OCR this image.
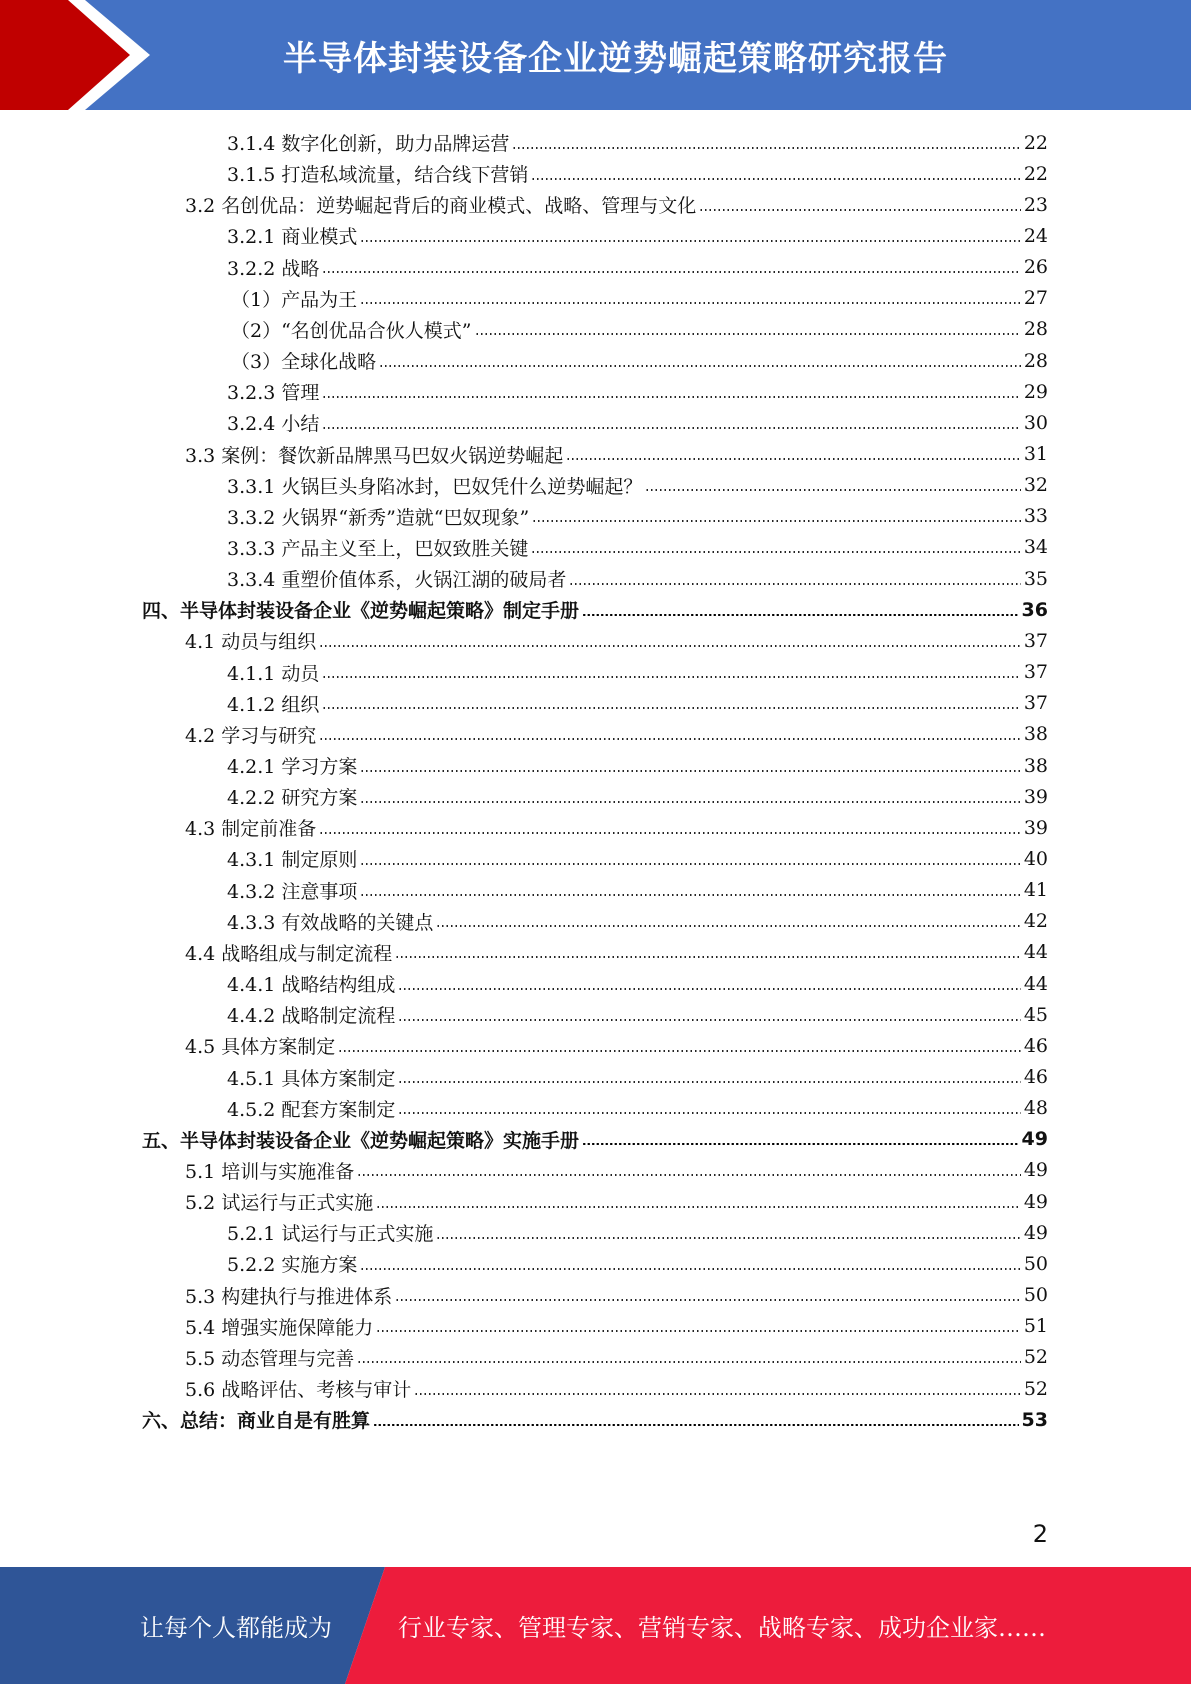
半导体封装设备企业逆势崛起策略研究报告
3.1.4 数字化创新，助力品牌运营	22
3.1.5 打造私域流量，结合线下营销	22
3.2 名创优品：逆势崛起背后的商业模式、战略、管理与文化	23
3.2.1 商业模式	24
3.2.2 战略	26
（1）产品为王	27
（2）“名创优品合伙人模式”	28
（3）全球化战略	28
3.2.3 管理	29
3.2.4 小结	30
3.3 案例：餐饮新品牌黑马巴奴火锅逆势崛起	31
3.3.1 火锅巨头身陷冰封，巴奴凭什么逆势崛起？	32
3.3.2 火锅界“新秀”造就“巴奴现象”	33
3.3.3 产品主义至上，巴奴致胜关键	34
3.3.4 重塑价值体系，火锅江湖的破局者	35
四、半导体封装设备企业《逆势崛起策略》制定手册	36
4.1 动员与组织	37
4.1.1 动员	37
4.1.2 组织	37
4.2 学习与研究	38
4.2.1 学习方案	38
4.2.2 研究方案	39
4.3 制定前准备	39
4.3.1 制定原则	40
4.3.2 注意事项	41
4.3.3 有效战略的关键点	42
4.4 战略组成与制定流程	44
4.4.1 战略结构组成	44
4.4.2 战略制定流程	45
4.5 具体方案制定	46
4.5.1 具体方案制定	46
4.5.2 配套方案制定	48
五、半导体封装设备企业《逆势崛起策略》实施手册	49
5.1 培训与实施准备	49
5.2 试运行与正式实施	49
5.2.1 试运行与正式实施	49
5.2.2 实施方案	50
5.3 构建执行与推进体系	50
5.4 增强实施保障能力	51
5.5 动态管理与完善	52
5.6 战略评估、考核与审计	52
六、总结：商业自是有胜算	53
2
让每个人都能成为	行业专家、管理专家、营销专家、战略专家、成功企业家……
